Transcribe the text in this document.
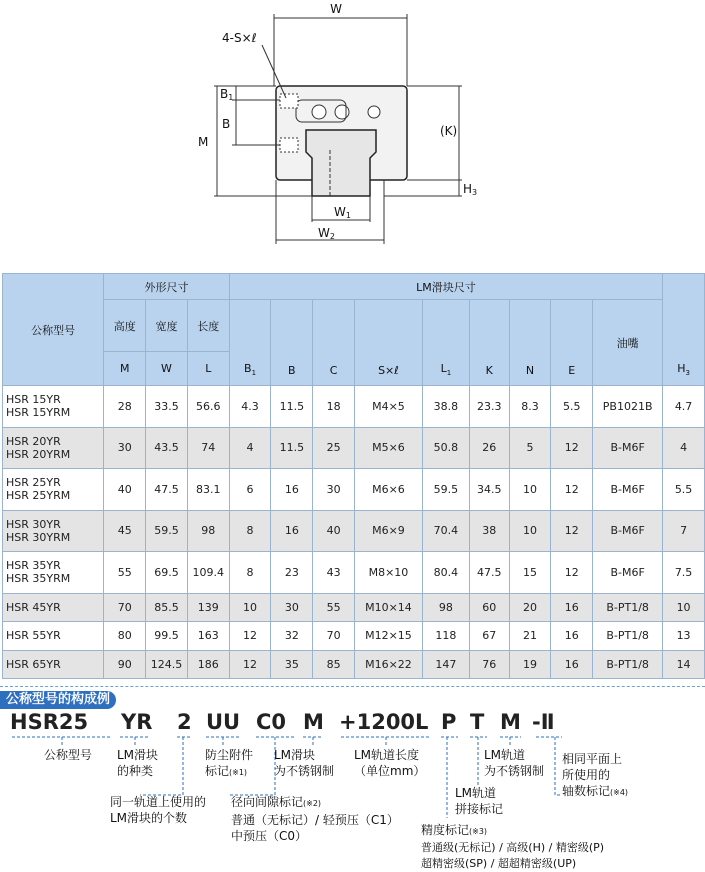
W
4-S×ℓ
B1
B
M
(K)
H3
W1
W2
公称型号	外形尺寸			LM滑块尺寸									$H_3$
	高度	宽度	长度	$B_1$	B	C	S×ℓ	$L_1$	K	N	E	油嘴	
	M	W	L										

HSR 15YR
HSR 15YRM	28	33.5	56.6	4.3	11.5	18	M4×5	38.8	23.3	8.3	5.5	PB1021B	4.7

HSR 20YR
HSR 20YRM	30	43.5	74	4	11.5	25	M5×6	50.8	26	5	12	B-M6F	4

HSR 25YR
HSR 25YRM	40	47.5	83.1	6	16	30	M6×6	59.5	34.5	10	12	B-M6F	5.5

HSR 30YR
HSR 30YRM	45	59.5	98	8	16	40	M6×9	70.4	38	10	12	B-M6F	7

HSR 35YR
HSR 35YRM	55	69.5	109.4	8	23	43	M8×10	80.4	47.5	15	12	B-M6F	7.5

HSR 45YR	70	85.5	139	10	30	55	M10×14	98	60	20	16	B-PT1/8	10

HSR 55YR	80	99.5	163	12	32	70	M12×15	118	67	21	16	B-PT1/8	13

HSR 65YR	90	124.5	186	12	35	85	M16×22	147	76	19	16	B-PT1/8	14
公称型号的构成例
HSR25 YR 2 UU C0 M +1200L P T M -Ⅱ
公称型号 LM滑块
的种类
防尘附件
标记(※1)
LM滑块
为不锈钢制
LM轨道长度
（单位mm）
LM轨道
为不锈钢制
相同平面上
所使用的
轴数标记(※4)
同一轨道上使用的
LM滑块的个数
径向间隙标记(※2)
普通（无标记）/ 轻预压（C1）
中预压（C0）
LM轨道
拼接标记
精度标记(※3)
普通级(无标记) / 高级(H) / 精密级(P)
超精密级(SP) / 超超精密级(UP)
